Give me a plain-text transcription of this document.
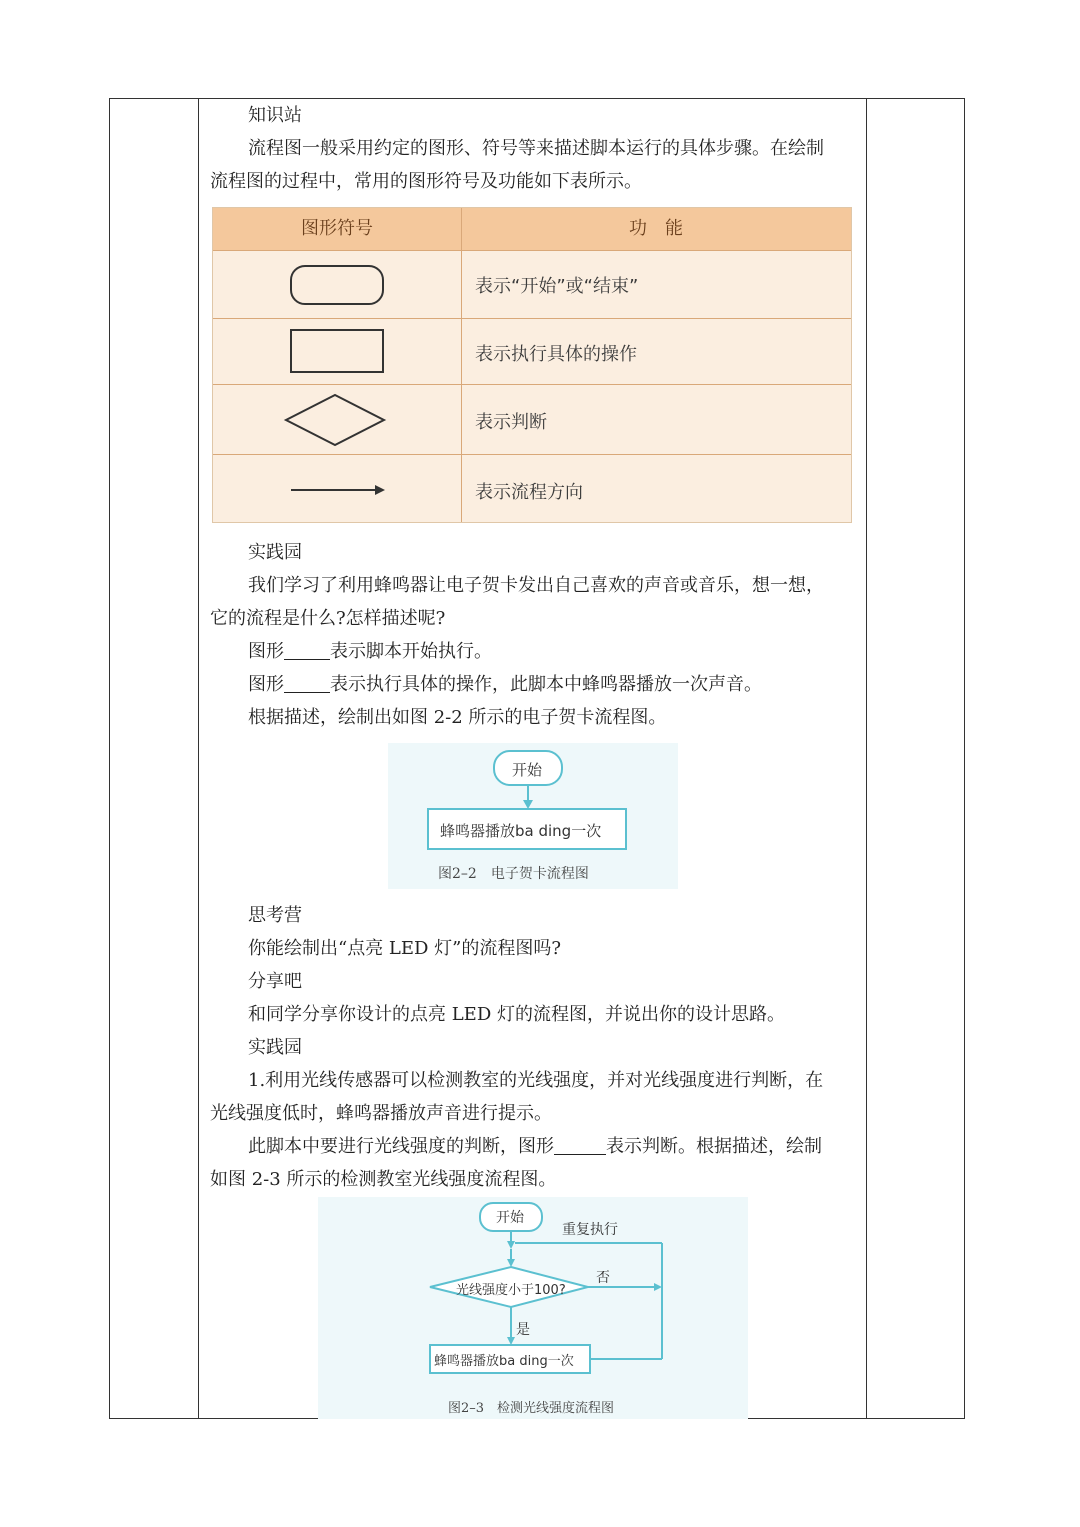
知识站
流程图一般采用约定的图形、符号等来描述脚本运行的具体步骤。在绘制
流程图的过程中，常用的图形符号及功能如下表所示。
图形符号	功　能
表示“开始”或“结束”
表示执行具体的操作
表示判断
表示流程方向
实践园
我们学习了利用蜂鸣器让电子贺卡发出自己喜欢的声音或音乐，想一想，
它的流程是什么?怎样描述呢?
图形	表示脚本开始执行。
图形	表示执行具体的操作，此脚本中蜂鸣器播放一次声音。
根据描述，绘制出如图 2-2 所示的电子贺卡流程图。
开始
蜂鸣器播放ba ding一次
图2–2　电子贺卡流程图
思考营
你能绘制出“点亮 LED 灯”的流程图吗?
分享吧
和同学分享你设计的点亮 LED 灯的流程图，并说出你的设计思路。
实践园
1.利用光线传感器可以检测教室的光线强度，并对光线强度进行判断，在
光线强度低时，蜂鸣器播放声音进行提示。
此脚本中要进行光线强度的判断，图形	表示判断。根据描述，绘制
如图 2-3 所示的检测教室光线强度流程图。
开始
重复执行
光线强度小于100?
否
是
蜂鸣器播放ba ding一次
图2–3　检测光线强度流程图
